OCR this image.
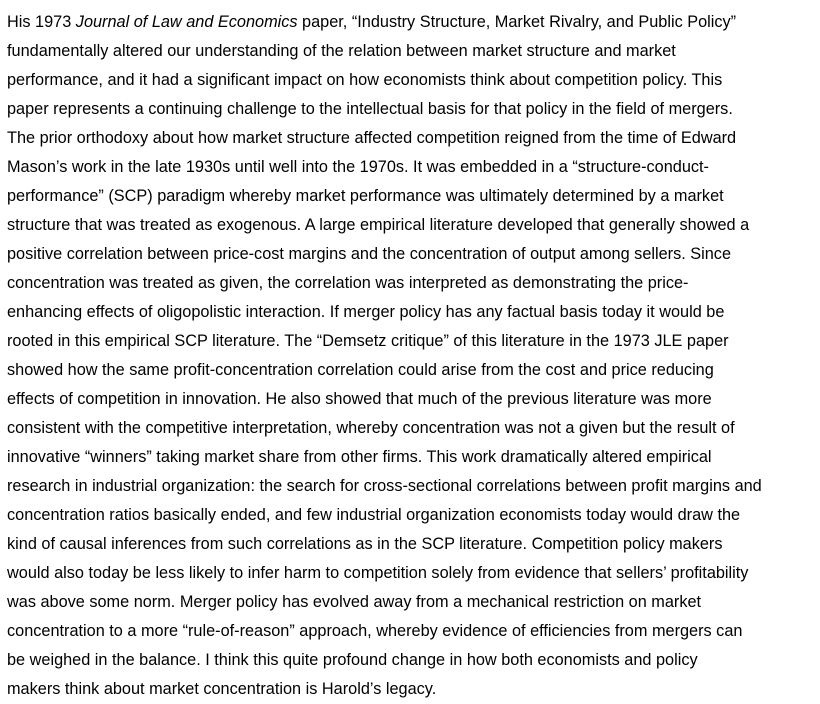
His 1973 Journal of Law and Economics paper, “Industry Structure, Market Rivalry, and Public Policy”
fundamentally altered our understanding of the relation between market structure and market
performance, and it had a significant impact on how economists think about competition policy. This
paper represents a continuing challenge to the intellectual basis for that policy in the field of mergers.
The prior orthodoxy about how market structure affected competition reigned from the time of Edward
Mason’s work in the late 1930s until well into the 1970s. It was embedded in a “structure-conduct-
performance” (SCP) paradigm whereby market performance was ultimately determined by a market
structure that was treated as exogenous. A large empirical literature developed that generally showed a
positive correlation between price-cost margins and the concentration of output among sellers. Since
concentration was treated as given, the correlation was interpreted as demonstrating the price-
enhancing effects of oligopolistic interaction. If merger policy has any factual basis today it would be
rooted in this empirical SCP literature. The “Demsetz critique” of this literature in the 1973 JLE paper
showed how the same profit-concentration correlation could arise from the cost and price reducing
effects of competition in innovation. He also showed that much of the previous literature was more
consistent with the competitive interpretation, whereby concentration was not a given but the result of
innovative “winners” taking market share from other firms. This work dramatically altered empirical
research in industrial organization: the search for cross-sectional correlations between profit margins and
concentration ratios basically ended, and few industrial organization economists today would draw the
kind of causal inferences from such correlations as in the SCP literature. Competition policy makers
would also today be less likely to infer harm to competition solely from evidence that sellers’ profitability
was above some norm. Merger policy has evolved away from a mechanical restriction on market
concentration to a more “rule-of-reason” approach, whereby evidence of efficiencies from mergers can
be weighed in the balance. I think this quite profound change in how both economists and policy
makers think about market concentration is Harold’s legacy.
